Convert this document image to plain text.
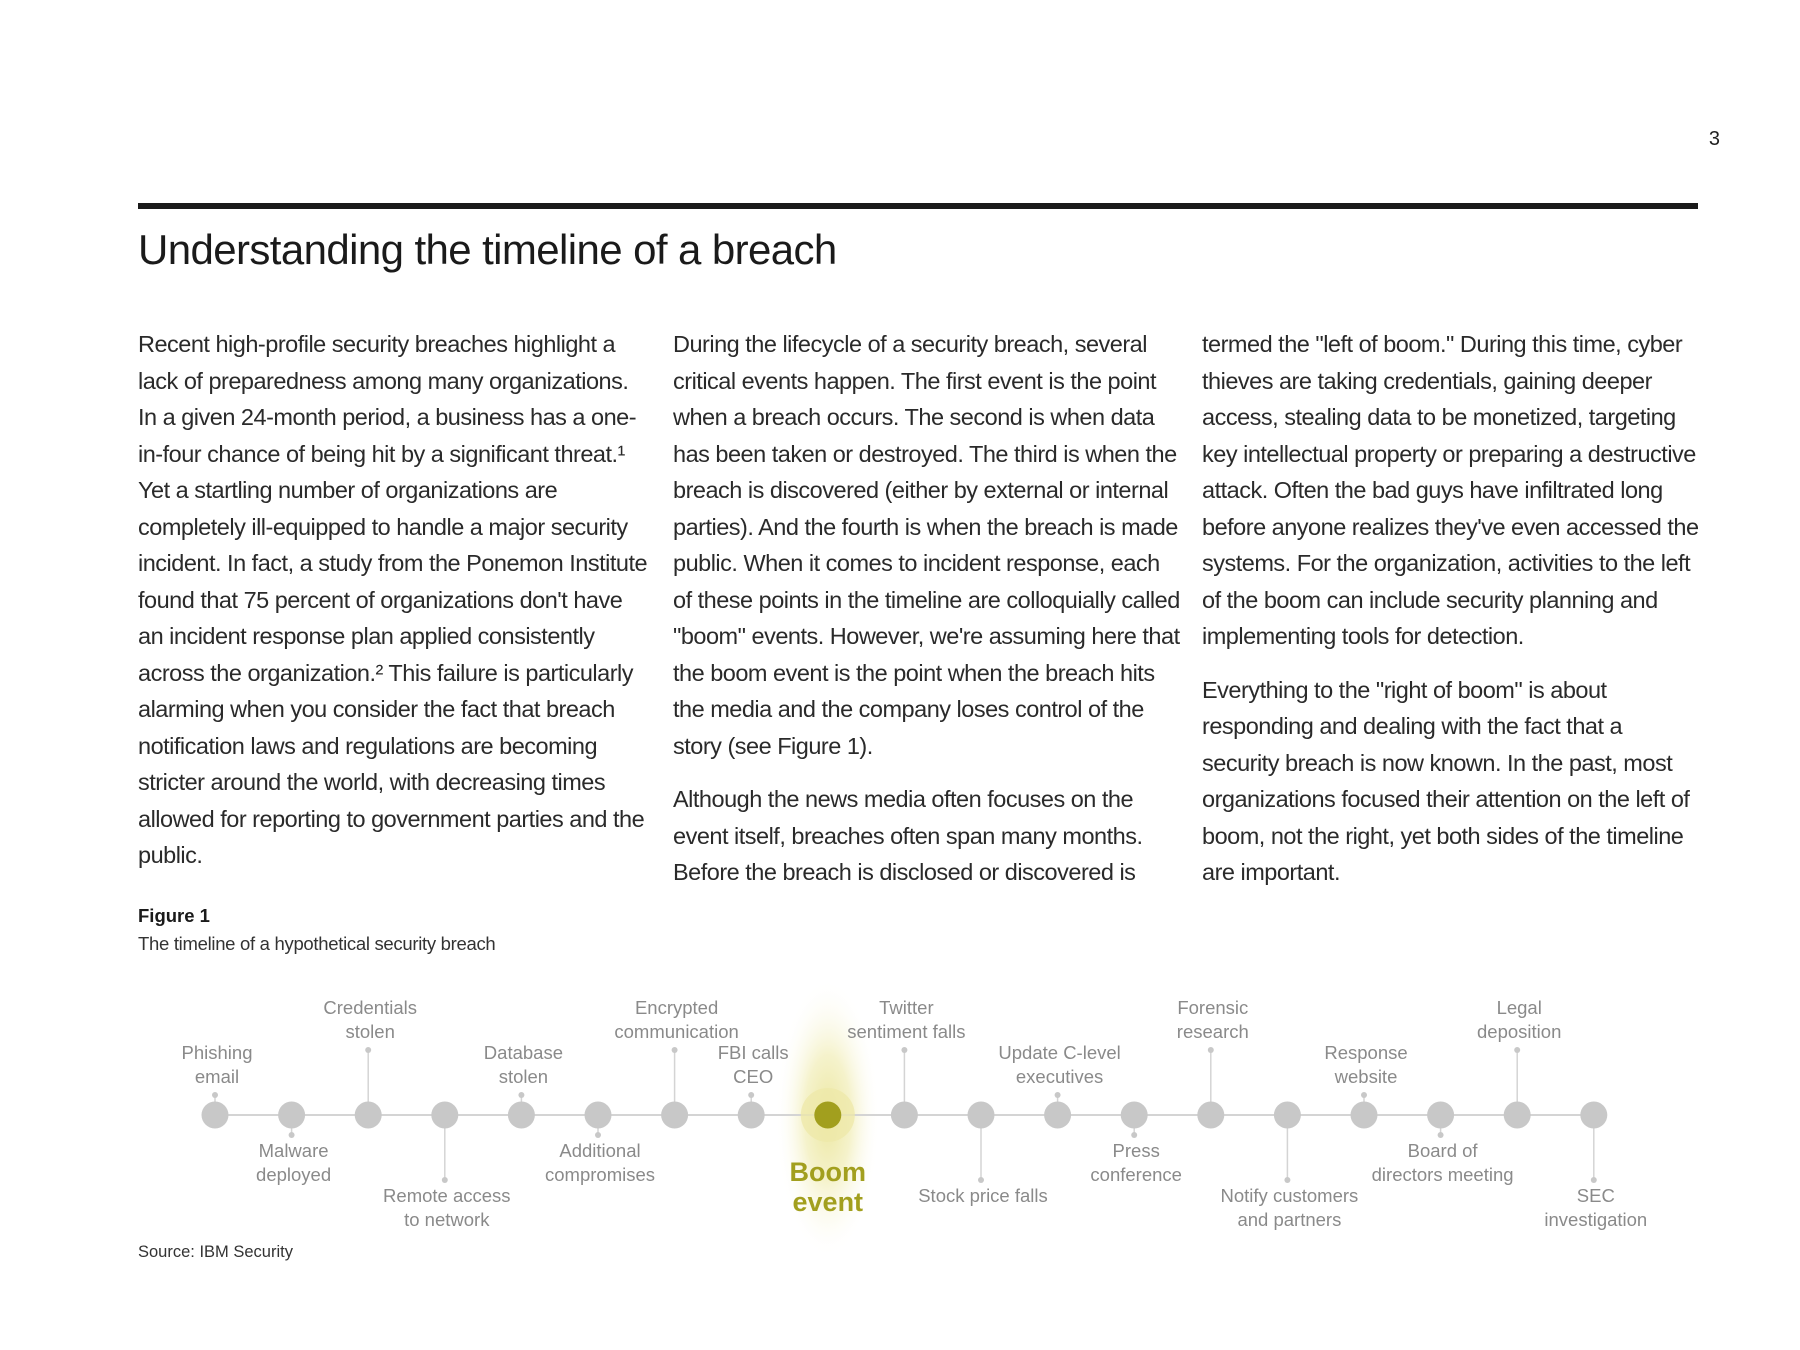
3
Understanding the timeline of a breach

Recent high-profile security breaches highlight a lack of preparedness among many organizations. In a given 24-month period, a business has a one-in-four chance of being hit by a significant threat.¹ Yet a startling number of organizations are completely ill-equipped to handle a major security incident. In fact, a study from the Ponemon Institute found that 75 percent of organizations don't have an incident response plan applied consistently across the organization.² This failure is particularly alarming when you consider the fact that breach notification laws and regulations are becoming stricter around the world, with decreasing times allowed for reporting to government parties and the public.

During the lifecycle of a security breach, several critical events happen. The first event is the point when a breach occurs. The second is when data has been taken or destroyed. The third is when the breach is discovered (either by external or internal parties). And the fourth is when the breach is made public. When it comes to incident response, each of these points in the timeline are colloquially called "boom" events. However, we're assuming here that the boom event is the point when the breach hits the media and the company loses control of the story (see Figure 1).

Although the news media often focuses on the event itself, breaches often span many months. Before the breach is disclosed or discovered is

termed the "left of boom." During this time, cyber thieves are taking credentials, gaining deeper access, stealing data to be monetized, targeting key intellectual property or preparing a destructive attack. Often the bad guys have infiltrated long before anyone realizes they've even accessed the systems. For the organization, activities to the left of the boom can include security planning and implementing tools for detection.

Everything to the "right of boom" is about responding and dealing with the fact that a security breach is now known. In the past, most organizations focused their attention on the left of boom, not the right, yet both sides of the timeline are important.

Figure 1
The timeline of a hypothetical security breach
Phishing
email
Malware
deployed
Credentials
stolen
Remote access
to network
Database
stolen
Additional
compromises
Encrypted
communication
FBI calls
CEO
Boom
event
Twitter
sentiment falls
Stock price falls
Update C-level
executives
Press
conference
Forensic
research
Notify customers
and partners
Response
website
Board of
directors meeting
Legal
deposition
SEC
investigation
Source: IBM Security
